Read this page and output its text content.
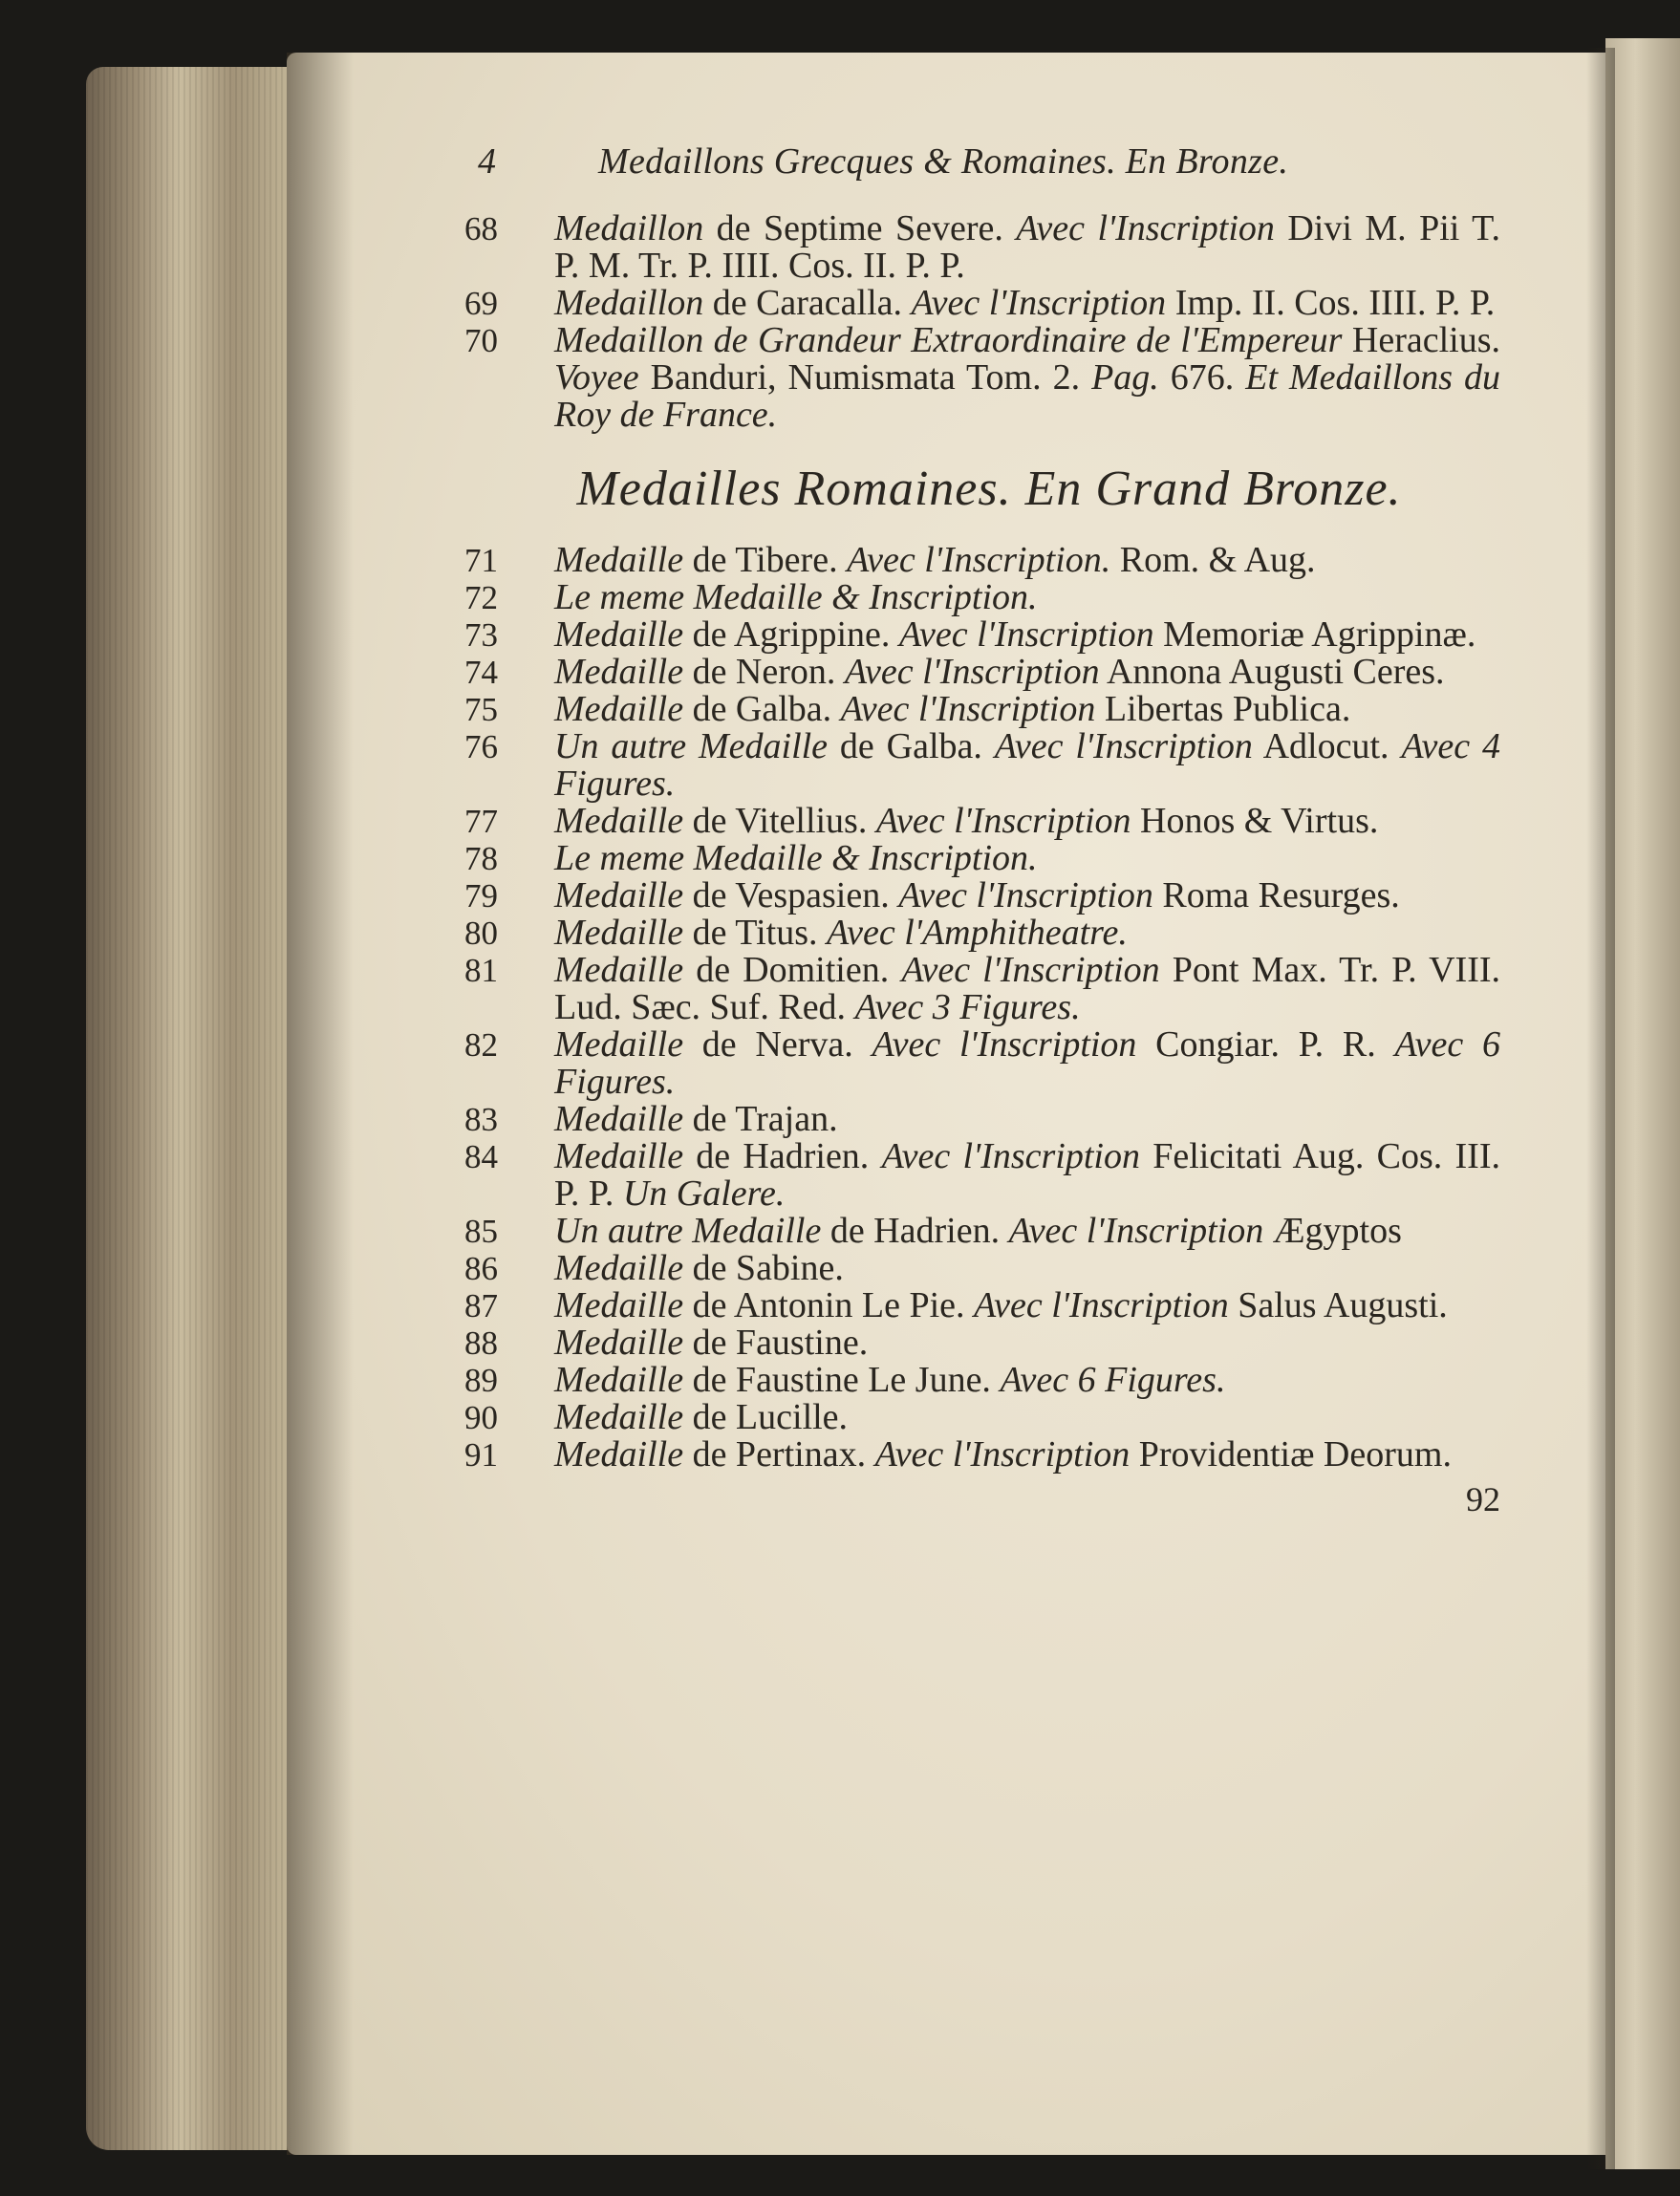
4	Medaillons Grecques & Romaines. En Bronze.
68 Medaillon de Septime Severe. Avec l'Inscription Divi M. Pii T. P. M. Tr. P. IIII. Cos. II. P. P.
69 Medaillon de Caracalla. Avec l'Inscription Imp. II. Cos. IIII. P. P.
70 Medaillon de Grandeur Extraordinaire de l'Empereur Heraclius. Voyee Banduri, Numismata Tom. 2. Pag. 676. Et Medaillons du Roy de France.
Medailles Romaines. En Grand Bronze.
71 Medaille de Tibere. Avec l'Inscription. Rom. & Aug.
72 Le meme Medaille & Inscription.
73 Medaille de Agrippine. Avec l'Inscription Memoriæ Agrippinæ.
74 Medaille de Neron. Avec l'Inscription Annona Augusti Ceres.
75 Medaille de Galba. Avec l'Inscription Libertas Publica.
76 Un autre Medaille de Galba. Avec l'Inscription Adlocut. Avec 4 Figures.
77 Medaille de Vitellius. Avec l'Inscription Honos & Virtus.
78 Le meme Medaille & Inscription.
79 Medaille de Vespasien. Avec l'Inscription Roma Resurges.
80 Medaille de Titus. Avec l'Amphitheatre.
81 Medaille de Domitien. Avec l'Inscription Pont Max. Tr. P. VIII. Lud. Sæc. Suf. Red. Avec 3 Figures.
82 Medaille de Nerva. Avec l'Inscription Congiar. P. R. Avec 6 Figures.
83 Medaille de Trajan.
84 Medaille de Hadrien. Avec l'Inscription Felicitati Aug. Cos. III. P. P. Un Galere.
85 Un autre Medaille de Hadrien. Avec l'Inscription Ægyptos
86 Medaille de Sabine.
87 Medaille de Antonin Le Pie. Avec l'Inscription Salus Augusti.
88 Medaille de Faustine.
89 Medaille de Faustine Le June. Avec 6 Figures.
90 Medaille de Lucille.
91 Medaille de Pertinax. Avec l'Inscription Providentiæ Deorum.
92
